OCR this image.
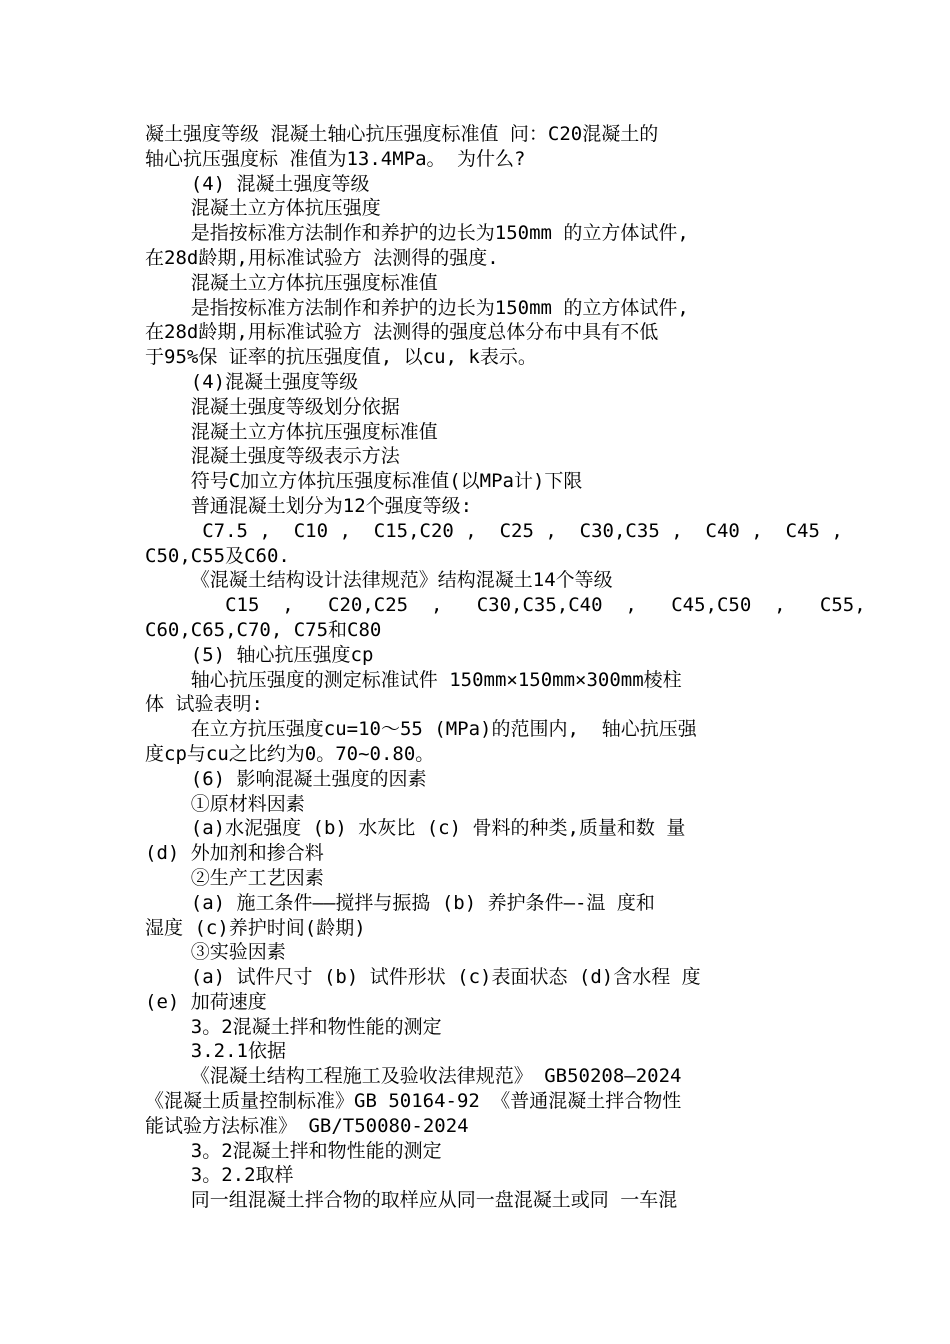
凝土强度等级 混凝土轴心抗压强度标准值 问：C20混凝土的
轴心抗压强度标 准值为13.4MPa。 为什么?
(4) 混凝土强度等级
混凝土立方体抗压强度
是指按标准方法制作和养护的边长为150mm 的立方体试件,
在28d龄期,用标准试验方 法测得的强度.
混凝土立方体抗压强度标准值
是指按标准方法制作和养护的边长为150mm 的立方体试件,
在28d龄期,用标准试验方 法测得的强度总体分布中具有不低
于95%保 证率的抗压强度值, 以cu, k表示。
(4)混凝土强度等级
混凝土强度等级划分依据
混凝土立方体抗压强度标准值
混凝土强度等级表示方法
符号C加立方体抗压强度标准值(以MPa计)下限
普通混凝土划分为12个强度等级:
C7.5 ,  C10 ,  C15,C20 ,  C25 ,  C30,C35 ,  C40 ,  C45 ,
C50,C55及C60.
《混凝土结构设计法律规范》结构混凝土14个等级
C15  ,   C20,C25  ,   C30,C35,C40  ,   C45,C50  ,   C55,
C60,C65,C70, C75和C80
(5) 轴心抗压强度cp
轴心抗压强度的测定标准试件 150mm×150mm×300mm棱柱
体 试验表明:
在立方抗压强度cu=10～55 (MPa)的范围内,  轴心抗压强
度cp与cu之比约为0。70~0.80。
(6) 影响混凝土强度的因素
①原材料因素
(a)水泥强度 (b) 水灰比 (c) 骨料的种类,质量和数 量
(d) 外加剂和掺合料
②生产工艺因素
(a) 施工条件——搅拌与振捣 (b) 养护条件—-温 度和
湿度 (c)养护时间(龄期)
③实验因素
(a) 试件尺寸 (b) 试件形状 (c)表面状态 (d)含水程 度
(e) 加荷速度
3。2混凝土拌和物性能的测定
3.2.1依据
《混凝土结构工程施工及验收法律规范》 GB50208—2024
《混凝土质量控制标准》GB 50164-92 《普通混凝土拌合物性
能试验方法标准》 GB/T50080-2024
3。2混凝土拌和物性能的测定
3。2.2取样
同一组混凝土拌合物的取样应从同一盘混凝土或同 一车混
